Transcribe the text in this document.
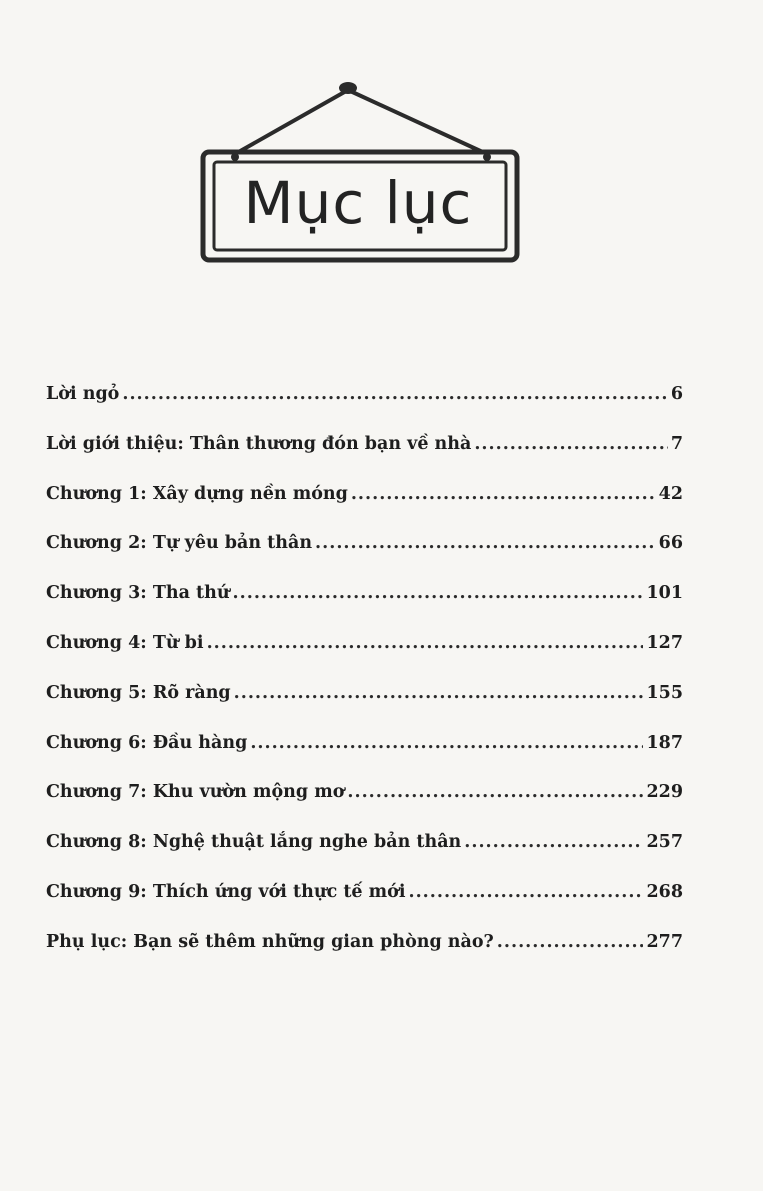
Mục lục
Lời ngỏ .....	6
Lời giới thiệu: Thân thương đón bạn về nhà .....	7
Chương 1: Xây dựng nền móng .....	42
Chương 2: Tự yêu bản thân .....	66
Chương 3: Tha thứ .....	101
Chương 4: Từ bi .....	127
Chương 5: Rõ ràng .....	155
Chương 6: Đầu hàng .....	187
Chương 7: Khu vườn mộng mơ .....	229
Chương 8: Nghệ thuật lắng nghe bản thân .....	257
Chương 9: Thích ứng với thực tế mới .....	268
Phụ lục: Bạn sẽ thêm những gian phòng nào? .....	277
